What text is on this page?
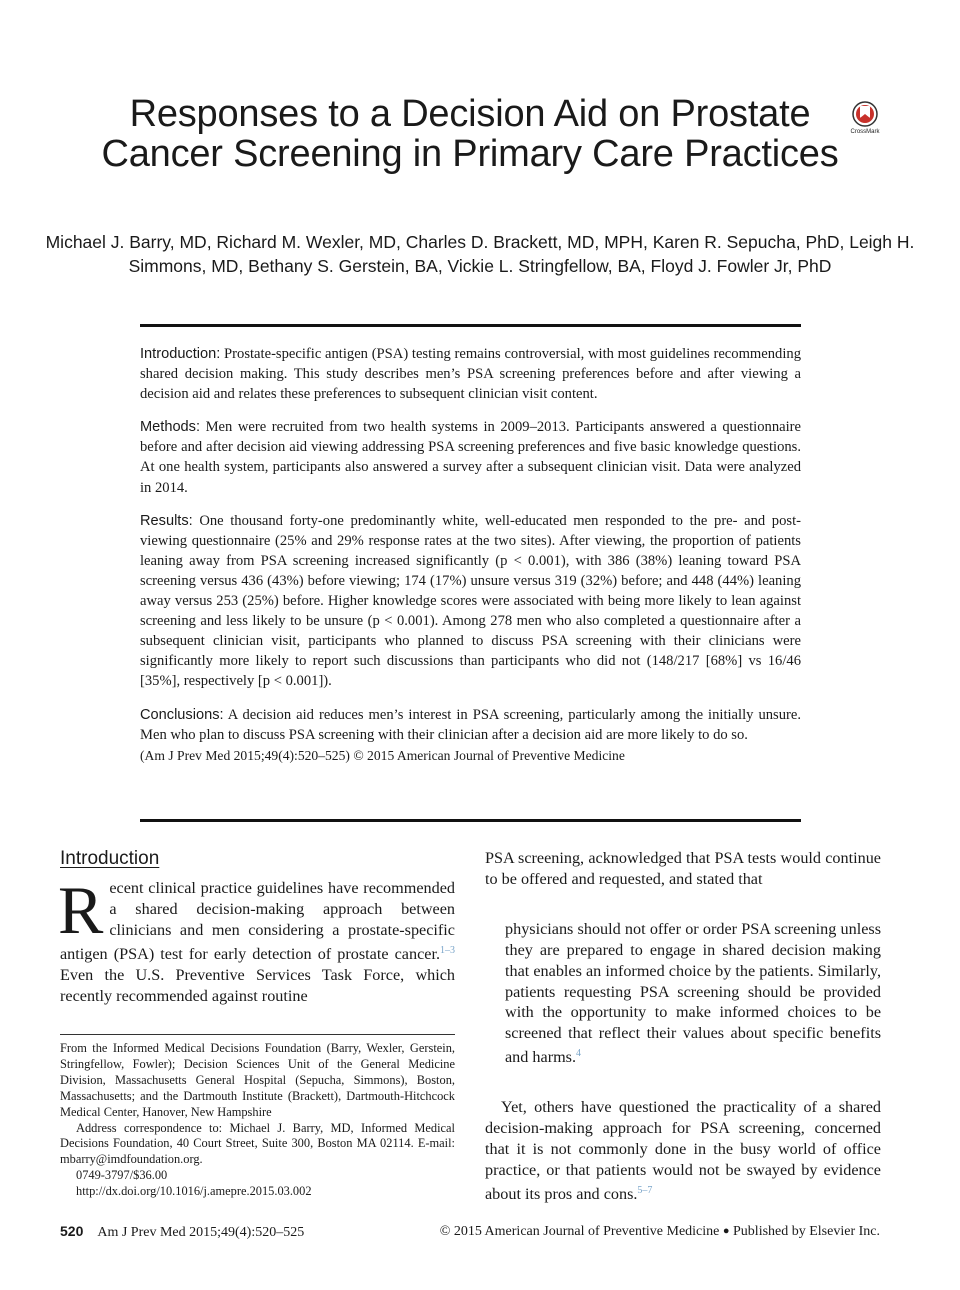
Responses to a Decision Aid on Prostate Cancer Screening in Primary Care Practices
CrossMark

Michael J. Barry, MD, Richard M. Wexler, MD, Charles D. Brackett, MD, MPH, Karen R. Sepucha, PhD, Leigh H. Simmons, MD, Bethany S. Gerstein, BA, Vickie L. Stringfellow, BA, Floyd J. Fowler Jr, PhD

Introduction: Prostate-specific antigen (PSA) testing remains controversial, with most guidelines recommending shared decision making. This study describes men’s PSA screening preferences before and after viewing a decision aid and relates these preferences to subsequent clinician visit content.

Methods: Men were recruited from two health systems in 2009–2013. Participants answered a questionnaire before and after decision aid viewing addressing PSA screening preferences and five basic knowledge questions. At one health system, participants also answered a survey after a subsequent clinician visit. Data were analyzed in 2014.

Results: One thousand forty-one predominantly white, well-educated men responded to the pre- and post-viewing questionnaire (25% and 29% response rates at the two sites). After viewing, the proportion of patients leaning away from PSA screening increased significantly (p < 0.001), with 386 (38%) leaning toward PSA screening versus 436 (43%) before viewing; 174 (17%) unsure versus 319 (32%) before; and 448 (44%) leaning away versus 253 (25%) before. Higher knowledge scores were associated with being more likely to lean against screening and less likely to be unsure (p < 0.001). Among 278 men who also completed a questionnaire after a subsequent clinician visit, participants who planned to discuss PSA screening with their clinicians were significantly more likely to report such discussions than participants who did not (148/217 [68%] vs 16/46 [35%], respectively [p < 0.001]).

Conclusions: A decision aid reduces men’s interest in PSA screening, particularly among the initially unsure. Men who plan to discuss PSA screening with their clinician after a decision aid are more likely to do so.

(Am J Prev Med 2015;49(4):520–525) © 2015 American Journal of Preventive Medicine

Introduction

Recent clinical practice guidelines have recommended a shared decision-making approach between clinicians and men considering a prostate-specific antigen (PSA) test for early detection of prostate cancer.$^{1-3}$ Even the U.S. Preventive Services Task Force, which recently recommended against routine

From the Informed Medical Decisions Foundation (Barry, Wexler, Gerstein, Stringfellow, Fowler); Decision Sciences Unit of the General Medicine Division, Massachusetts General Hospital (Sepucha, Simmons), Boston, Massachusetts; and the Dartmouth Institute (Brackett), Dartmouth-Hitchcock Medical Center, Hanover, New Hampshire

Address correspondence to: Michael J. Barry, MD, Informed Medical Decisions Foundation, 40 Court Street, Suite 300, Boston MA 02114. E-mail: mbarry@imdfoundation.org.

0749-3797/$36.00

http://dx.doi.org/10.1016/j.amepre.2015.03.002

PSA screening, acknowledged that PSA tests would continue to be offered and requested, and stated that

physicians should not offer or order PSA screening unless they are prepared to engage in shared decision making that enables an informed choice by the patients. Similarly, patients requesting PSA screening should be provided with the opportunity to make informed choices to be screened that reflect their values about specific benefits and harms.$^4$

Yet, others have questioned the practicality of a shared decision-making approach for PSA screening, concerned that it is not commonly done in the busy world of office practice, or that patients would not be swayed by evidence about its pros and cons.$^{5-7}$

520 Am J Prev Med 2015;49(4):520–525	© 2015 American Journal of Preventive Medicine ● Published by Elsevier Inc.
